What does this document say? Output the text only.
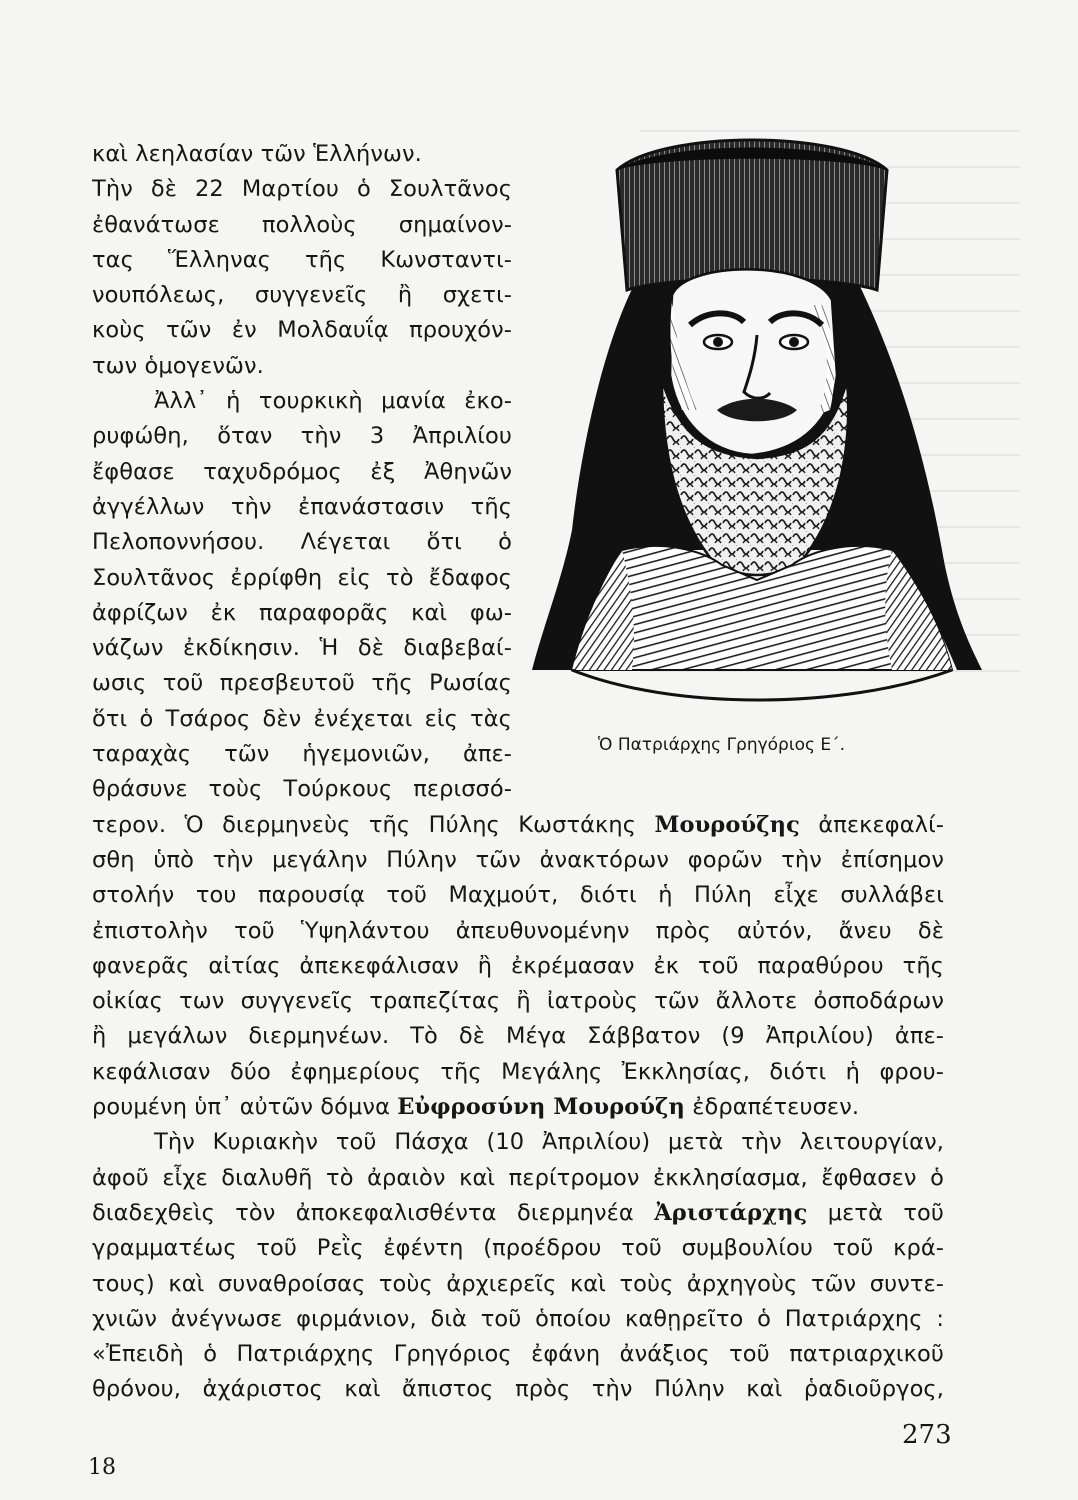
καὶ λεηλασίαν τῶν Ἑλλήνων.
Τὴν δὲ 22 Μαρτίου ὁ Σουλτᾶνος
ἐθανάτωσε πολλοὺς σημαίνον-
τας Ἕλληνας τῆς Κωνσταντι-
νουπόλεως, συγγενεῖς ἢ σχετι-
κοὺς τῶν ἐν Μολδαυΐᾳ προυχόν-
των ὁμογενῶν.
Ἀλλ᾽ ἡ τουρκικὴ μανία ἐκο-
ρυφώθη, ὅταν τὴν 3 Ἀπριλίου
ἔφθασε ταχυδρόμος ἐξ Ἀθηνῶν
ἀγγέλλων τὴν ἐπανάστασιν τῆς
Πελοποννήσου. Λέγεται ὅτι ὁ
Σουλτᾶνος ἐρρίφθη εἰς τὸ ἔδαφος
ἀφρίζων ἐκ παραφορᾶς καὶ φω-
νάζων ἐκδίκησιν. Ἡ δὲ διαβεβαί-
ωσις τοῦ πρεσβευτοῦ τῆς Ρωσίας
ὅτι ὁ Τσάρος δὲν ἐνέχεται εἰς τὰς
ταραχὰς τῶν ἡγεμονιῶν, ἀπε-
θράσυνε τοὺς Τούρκους περισσό-
Ὁ Πατριάρχης Γρηγόριος Ε΄.
τερον. Ὁ διερμηνεὺς τῆς Πύλης Κωστάκης Μουρούζης ἀπεκεφαλί-
σθη ὑπὸ τὴν μεγάλην Πύλην τῶν ἀνακτόρων φορῶν τὴν ἐπίσημον
στολήν του παρουσίᾳ τοῦ Μαχμούτ, διότι ἡ Πύλη εἶχε συλλάβει
ἐπιστολὴν τοῦ Ὑψηλάντου ἀπευθυνομένην πρὸς αὐτόν, ἄνευ δὲ
φανερᾶς αἰτίας ἀπεκεφάλισαν ἢ ἐκρέμασαν ἐκ τοῦ παραθύρου τῆς
οἰκίας των συγγενεῖς τραπεζίτας ἢ ἰατροὺς τῶν ἄλλοτε ὀσποδάρων
ἢ μεγάλων διερμηνέων. Τὸ δὲ Μέγα Σάββατον (9 Ἀπριλίου) ἀπε-
κεφάλισαν δύο ἐφημερίους τῆς Μεγάλης Ἐκκλησίας, διότι ἡ φρου-
ρουμένη ὑπ᾽ αὐτῶν δόμνα Εὐφροσύνη Μουρούζη ἐδραπέτευσεν.
Τὴν Κυριακὴν τοῦ Πάσχα (10 Ἀπριλίου) μετὰ τὴν λειτουργίαν,
ἀφοῦ εἶχε διαλυθῆ τὸ ἀραιὸν καὶ περίτρομον ἐκκλησίασμα, ἔφθασεν ὁ
διαδεχθεὶς τὸν ἀποκεφαλισθέντα διερμηνέα Ἀριστάρχης μετὰ τοῦ
γραμματέως τοῦ Ρεῒς ἐφέντη (προέδρου τοῦ συμβουλίου τοῦ κρά-
τους) καὶ συναθροίσας τοὺς ἀρχιερεῖς καὶ τοὺς ἀρχηγοὺς τῶν συντε-
χνιῶν ἀνέγνωσε φιρμάνιον, διὰ τοῦ ὁποίου καθῃρεῖτο ὁ Πατριάρχης :
«Ἐπειδὴ ὁ Πατριάρχης Γρηγόριος ἐφάνη ἀνάξιος τοῦ πατριαρχικοῦ
θρόνου, ἀχάριστος καὶ ἄπιστος πρὸς τὴν Πύλην καὶ ῥαδιοῦργος,
273
18
